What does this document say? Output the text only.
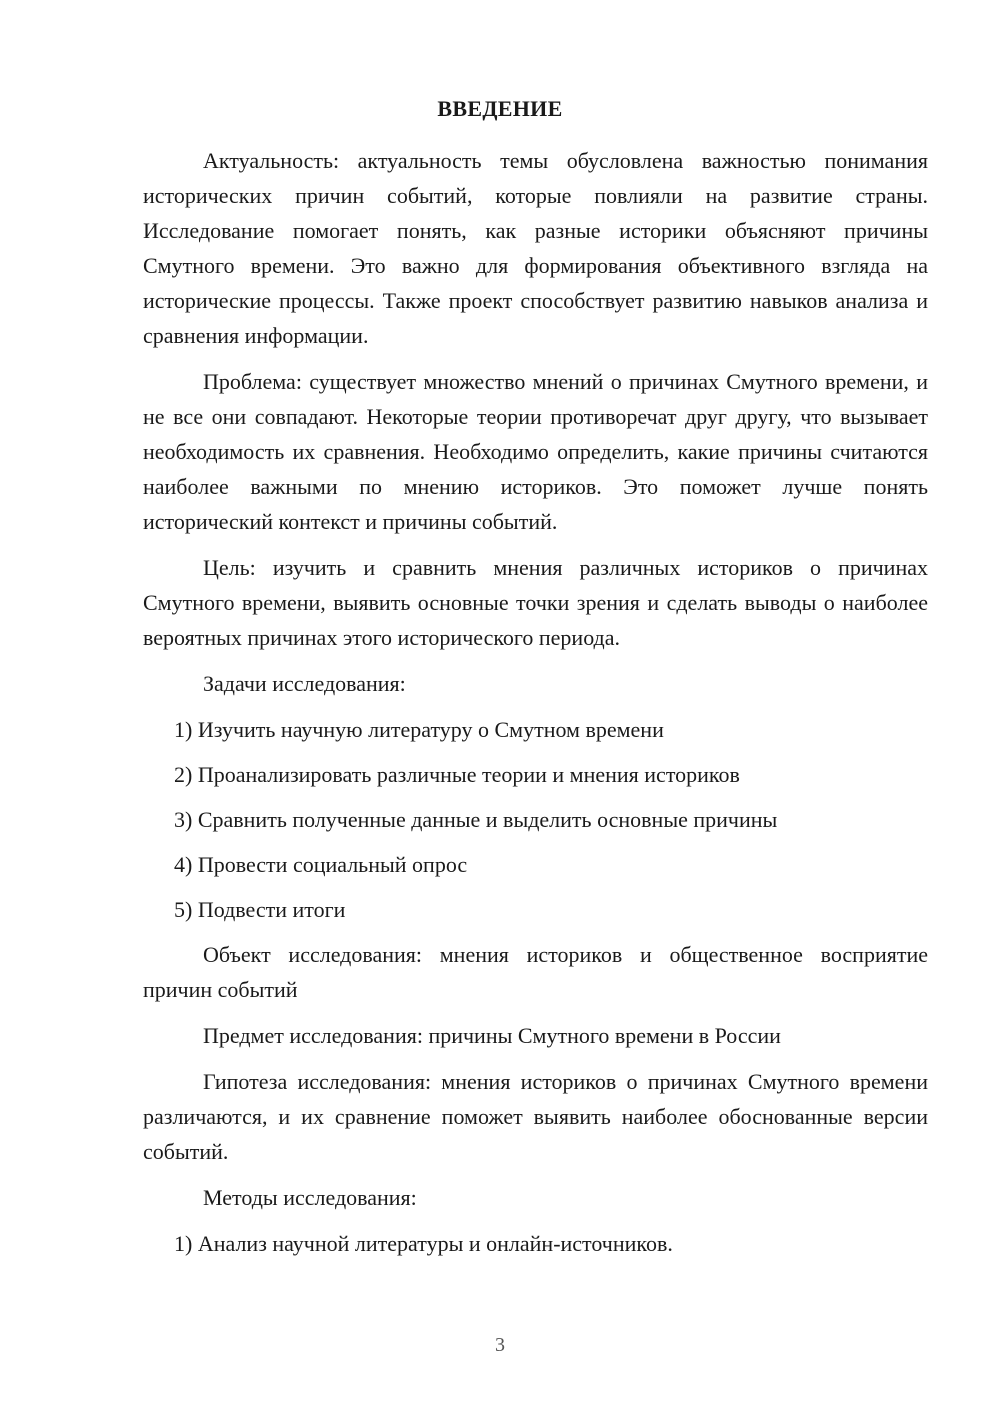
ВВЕДЕНИЕ

Актуальность: актуальность темы обусловлена важностью понимания исторических причин событий, которые повлияли на развитие страны. Исследование помогает понять, как разные историки объясняют причины Смутного времени. Это важно для формирования объективного взгляда на исторические процессы. Также проект способствует развитию навыков анализа и сравнения информации.

Проблема: существует множество мнений о причинах Смутного времени, и не все они совпадают. Некоторые теории противоречат друг другу, что вызывает необходимость их сравнения. Необходимо определить, какие причины считаются наиболее важными по мнению историков. Это поможет лучше понять исторический контекст и причины событий.

Цель: изучить и сравнить мнения различных историков о причинах Смутного времени, выявить основные точки зрения и сделать выводы о наиболее вероятных причинах этого исторического периода.

Задачи исследования:

1) Изучить научную литературу о Смутном времени

2) Проанализировать различные теории и мнения историков

3) Сравнить полученные данные и выделить основные причины

4) Провести социальный опрос

5) Подвести итоги

Объект исследования: мнения историков и общественное восприятие причин событий

Предмет исследования: причины Смутного времени в России

Гипотеза исследования: мнения историков о причинах Смутного времени различаются, и их сравнение поможет выявить наиболее обоснованные версии событий.

Методы исследования:

1) Анализ научной литературы и онлайн-источников.

3
